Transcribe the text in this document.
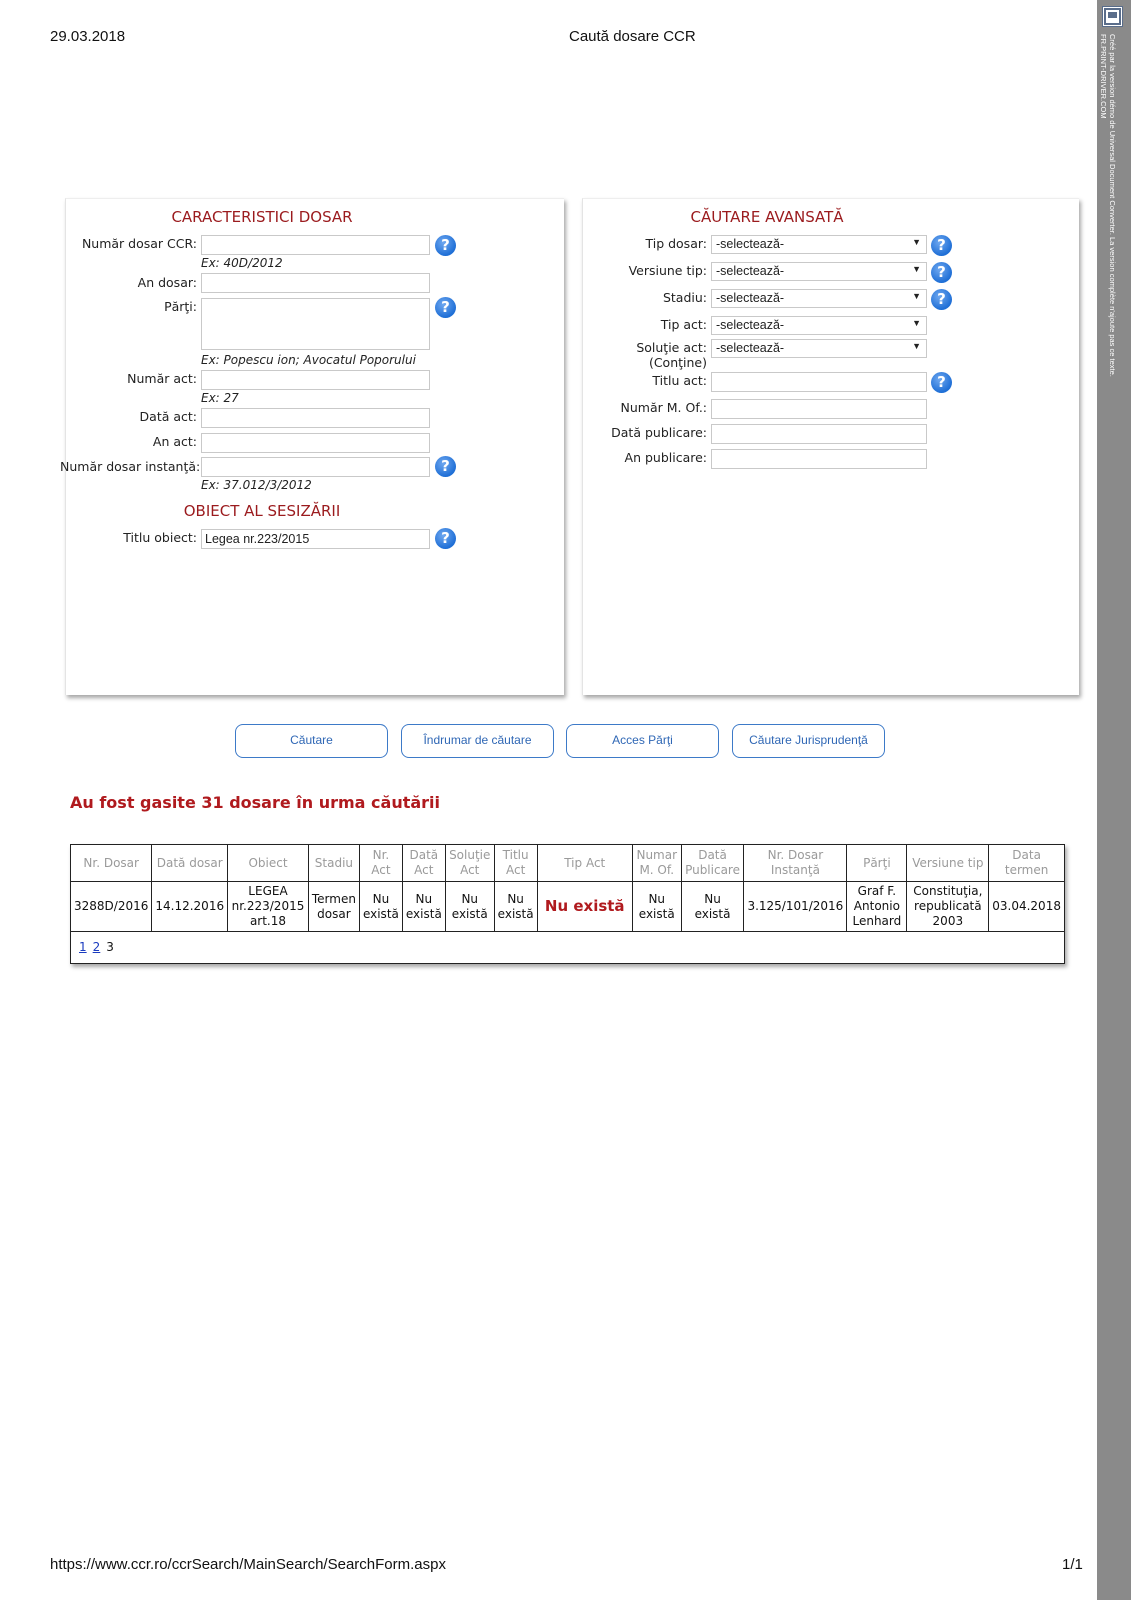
29.03.2018	Caută dosare CCR
CARACTERISTICI DOSAR
Număr dosar CCR:	?
Ex: 40D/2012
An dosar:
Părţi:	?
Ex: Popescu ion; Avocatul Poporului
Număr act:
Ex: 27
Dată act:
An act:
Număr dosar instanţă:	?
Ex: 37.012/3/2012
OBIECT AL SESIZĂRII
Titlu obiect:
Legea nr.223/2015	?
CĂUTARE AVANSATĂ
Tip dosar: -selectează-	▼	?
Versiune tip: -selectează-	▼	?
Stadiu: -selectează-	▼	?
Tip act: -selectează-	▼
Soluţie act:
(Conţine)
-selectează-	▼
Titlu act:	?
Număr M. Of.:
Dată publicare:
An publicare:
Căutare	Îndrumar de căutare	Acces Părţi	Căutare Jurisprudenţă
Au fost gasite 31 dosare în urma căutării
Nr. Dosar	Dată dosar	Obiect	Stadiu	Nr. Act	Dată Act	Soluţie Act	Titlu Act	Tip Act	Numar M. Of.	Dată Publicare	Nr. Dosar Instanţă	Părţi	Versiune tip	Data termen
3288D/2016	14.12.2016	LEGEA nr.223/2015 art.18	Termen dosar	Nu există	Nu există	Nu există	Nu există	Nu există	Nu există	Nu există	3.125/101/2016	Graf F. Antonio Lenhard	Constituţia, republicată 2003	03.04.2018
1 2 3														
https://www.ccr.ro/ccrSearch/MainSearch/SearchForm.aspx	1/1
Créé par la version démo de Universal Document Converter. La version complète n'ajoute pas ce texte.
FR.PRINT-DRIVER.COM
